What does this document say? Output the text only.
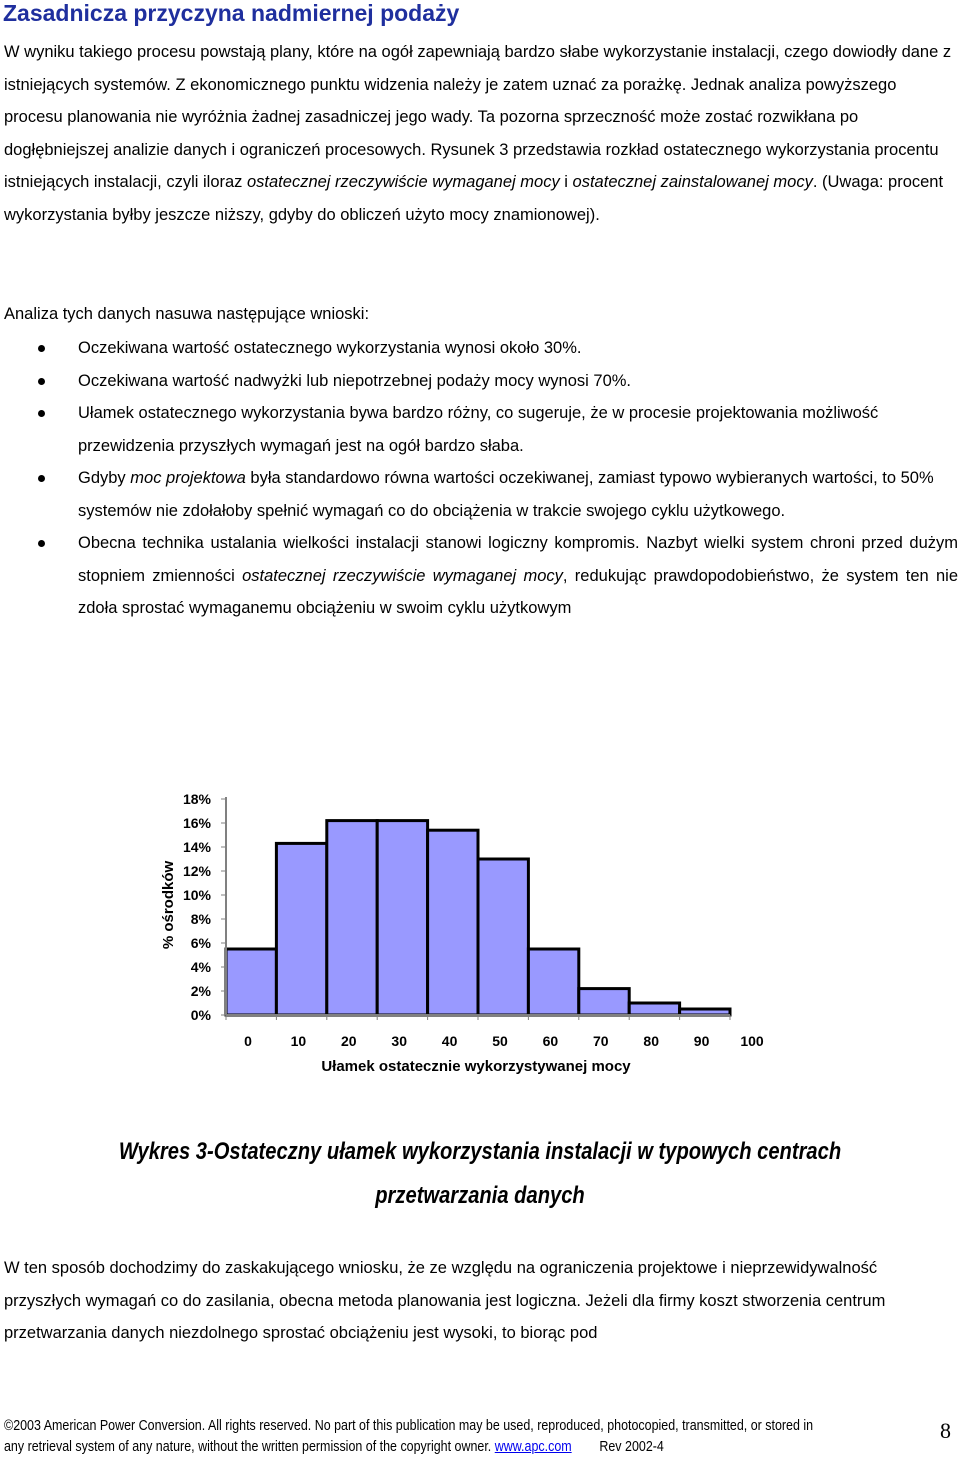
Zasadnicza przyczyna nadmiernej podaży

W wyniku takiego procesu powstają plany, które na ogół zapewniają bardzo słabe wykorzystanie instalacji, czego dowiodły dane z istniejących systemów. Z ekonomicznego punktu widzenia należy je zatem uznać za porażkę. Jednak analiza powyższego procesu planowania nie wyróżnia żadnej zasadniczej jego wady. Ta pozorna sprzeczność może zostać rozwikłana po dogłębniejszej analizie danych i ograniczeń procesowych. Rysunek 3 przedstawia rozkład ostatecznego wykorzystania procentu istniejących instalacji, czyli iloraz ostatecznej rzeczywiście wymaganej mocy i ostatecznej zainstalowanej mocy. (Uwaga: procent wykorzystania byłby jeszcze niższy, gdyby do obliczeń użyto mocy znamionowej).

Analiza tych danych nasuwa następujące wnioski:

Oczekiwana wartość ostatecznego wykorzystania wynosi około 30%.
Oczekiwana wartość nadwyżki lub niepotrzebnej podaży mocy wynosi 70%.
Ułamek ostatecznego wykorzystania bywa bardzo różny, co sugeruje, że w procesie projektowania możliwość przewidzenia przyszłych wymagań jest na ogół bardzo słaba.
Gdyby moc projektowa była standardowo równa wartości oczekiwanej, zamiast typowo wybieranych wartości, to 50% systemów nie zdołałoby spełnić wymagań co do obciążenia w trakcie swojego cyklu użytkowego.
Obecna technika ustalania wielkości instalacji stanowi logiczny kompromis. Nazbyt wielki system chroni przed dużym stopniem zmienności ostatecznej rzeczywiście wymaganej mocy, redukując prawdopodobieństwo, że system ten nie zdoła sprostać wymaganemu obciążeniu w swoim cyklu użytkowym
0%
2%
4%
6%
8%
10%
12%
14%
16%
18%
0	10 20 30 40 50 60 70 80 90 100
% ośrodków
Ułamek ostatecznie wykorzystywanej mocy
Wykres 3-Ostateczny ułamek wykorzystania instalacji w typowych centrach przetwarzania danych

W ten sposób dochodzimy do zaskakującego wniosku, że ze względu na ograniczenia projektowe i nieprzewidywalność przyszłych wymagań co do zasilania, obecna metoda planowania jest logiczna. Jeżeli dla firmy koszt stworzenia centrum przetwarzania danych niezdolnego sprostać obciążeniu jest wysoki, to biorąc pod

©2003 American Power Conversion. All rights reserved. No part of this publication may be used, reproduced, photocopied, transmitted, or stored in
any retrieval system of any nature, without the written permission of the copyright owner. www.apc.com        Rev 2002-4
8
